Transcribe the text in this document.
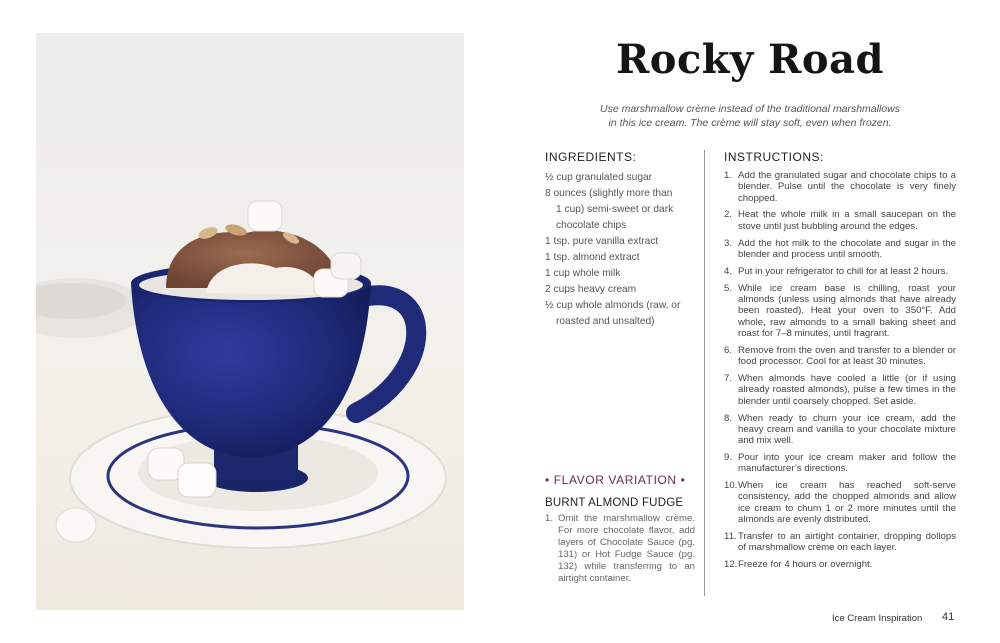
Rocky Road
Use marshmallow crème instead of the traditional marshmallows
in this ice cream. The crème will stay soft, even when frozen.
INGREDIENTS:
½ cup granulated sugar
8 ounces (slightly more than
1 cup) semi-sweet or dark
chocolate chips
1 tsp. pure vanilla extract
1 tsp. almond extract
1 cup whole milk
2 cups heavy cream
½ cup whole almonds (raw, or
roasted and unsalted)
• FLAVOR VARIATION •
BURNT ALMOND FUDGE
1. Omit the marshmallow crème. For more chocolate flavor, add layers of Chocolate Sauce (pg. 131) or Hot Fudge Sauce (pg. 132) while transferring to an airtight container.
INSTRUCTIONS:
1. Add the granulated sugar and chocolate chips to a blender. Pulse until the chocolate is very finely chopped.
2. Heat the whole milk in a small saucepan on the stove until just bubbling around the edges.
3. Add the hot milk to the chocolate and sugar in the blender and process until smooth.
4. Put in your refrigerator to chill for at least 2 hours.
5. While ice cream base is chilling, roast your almonds (unless using almonds that have already been roasted). Heat your oven to 350°F. Add whole, raw almonds to a small baking sheet and roast for 7–8 minutes, until fragrant.
6. Remove from the oven and transfer to a blender or food processor. Cool for at least 30 minutes.
7. When almonds have cooled a little (or if using already roasted almonds), pulse a few times in the blender until coarsely chopped. Set aside.
8. When ready to churn your ice cream, add the heavy cream and vanilla to your chocolate mixture and mix well.
9. Pour into your ice cream maker and follow the manufacturer’s directions.
10. When ice cream has reached soft-serve consistency, add the chopped almonds and allow ice cream to churn 1 or 2 more minutes until the almonds are evenly distributed.
11. Transfer to an airtight container, dropping dollops of marshmallow crème on each layer.
12. Freeze for 4 hours or overnight.
Ice Cream Inspiration 41
